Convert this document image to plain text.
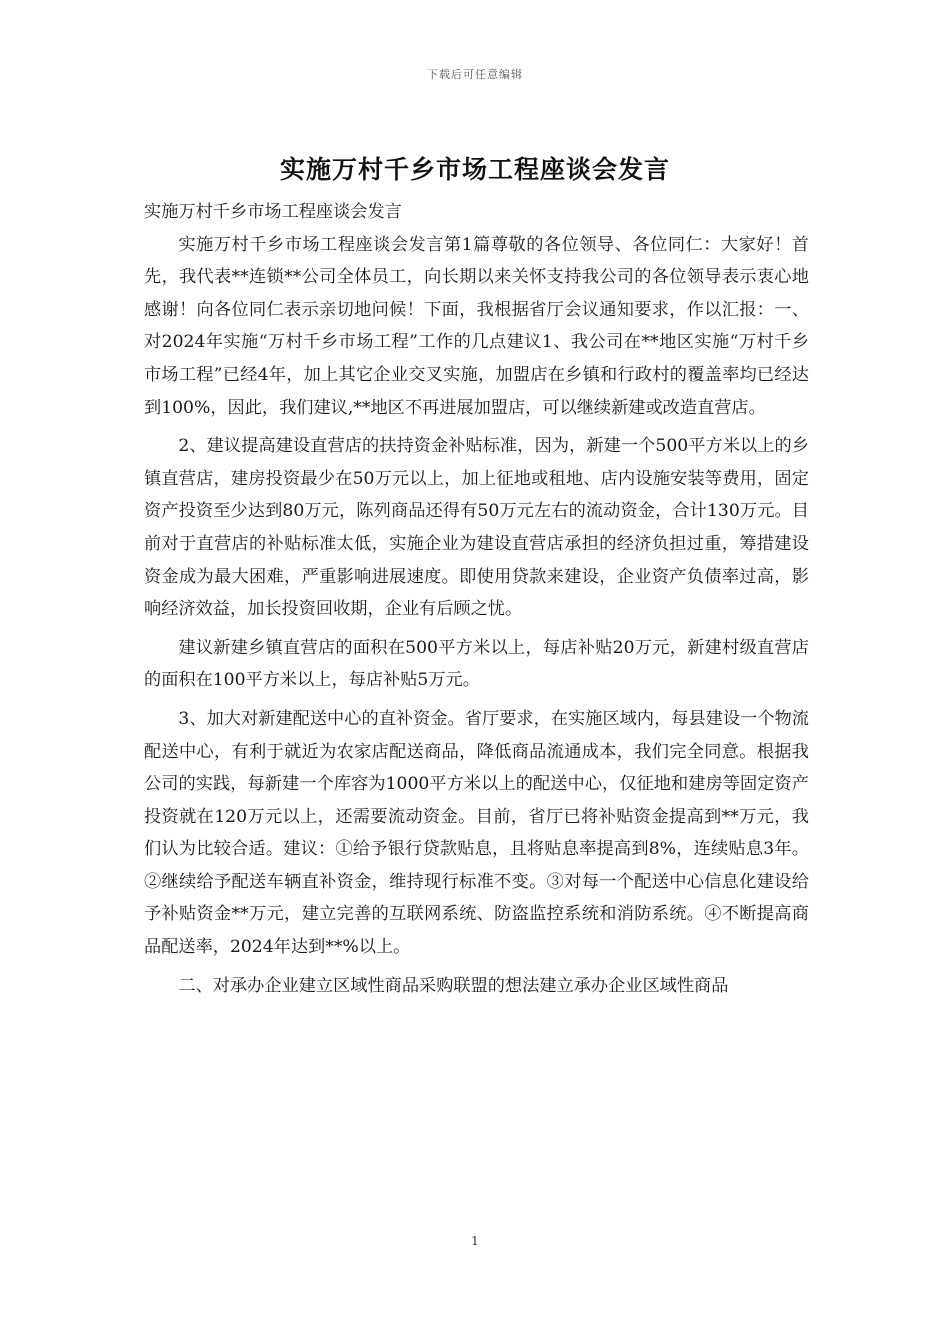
下载后可任意编辑
实施万村千乡市场工程座谈会发言

实施万村千乡市场工程座谈会发言

实施万村千乡市场工程座谈会发言第1篇尊敬的各位领导、各位同仁：大家好！首先，我代表**连锁**公司全体员工，向长期以来关怀支持我公司的各位领导表示衷心地感谢！向各位同仁表示亲切地问候！下面，我根据省厅会议通知要求，作以汇报：一、对2024年实施“万村千乡市场工程”工作的几点建议1、我公司在**地区实施“万村千乡市场工程”已经4年，加上其它企业交叉实施，加盟店在乡镇和行政村的覆盖率均已经达到100%，因此，我们建议,**地区不再进展加盟店，可以继续新建或改造直营店。

2、建议提高建设直营店的扶持资金补贴标准，因为，新建一个500平方米以上的乡镇直营店，建房投资最少在50万元以上，加上征地或租地、店内设施安装等费用，固定资产投资至少达到80万元，陈列商品还得有50万元左右的流动资金，合计130万元。目前对于直营店的补贴标准太低，实施企业为建设直营店承担的经济负担过重，筹措建设资金成为最大困难，严重影响进展速度。即使用贷款来建设，企业资产负债率过高，影响经济效益，加长投资回收期，企业有后顾之忧。

建议新建乡镇直营店的面积在500平方米以上，每店补贴20万元，新建村级直营店的面积在100平方米以上，每店补贴5万元。

3、加大对新建配送中心的直补资金。省厅要求，在实施区域内，每县建设一个物流配送中心，有利于就近为农家店配送商品，降低商品流通成本，我们完全同意。根据我公司的实践，每新建一个库容为1000平方米以上的配送中心，仅征地和建房等固定资产投资就在120万元以上，还需要流动资金。目前，省厅已将补贴资金提高到**万元，我们认为比较合适。建议：①给予银行贷款贴息，且将贴息率提高到8%，连续贴息3年。②继续给予配送车辆直补资金，维持现行标准不变。③对每一个配送中心信息化建设给予补贴资金**万元，建立完善的互联网系统、防盗监控系统和消防系统。④不断提高商品配送率，2024年达到**%以上。

二、对承办企业建立区域性商品采购联盟的想法建立承办企业区域性商品

1
